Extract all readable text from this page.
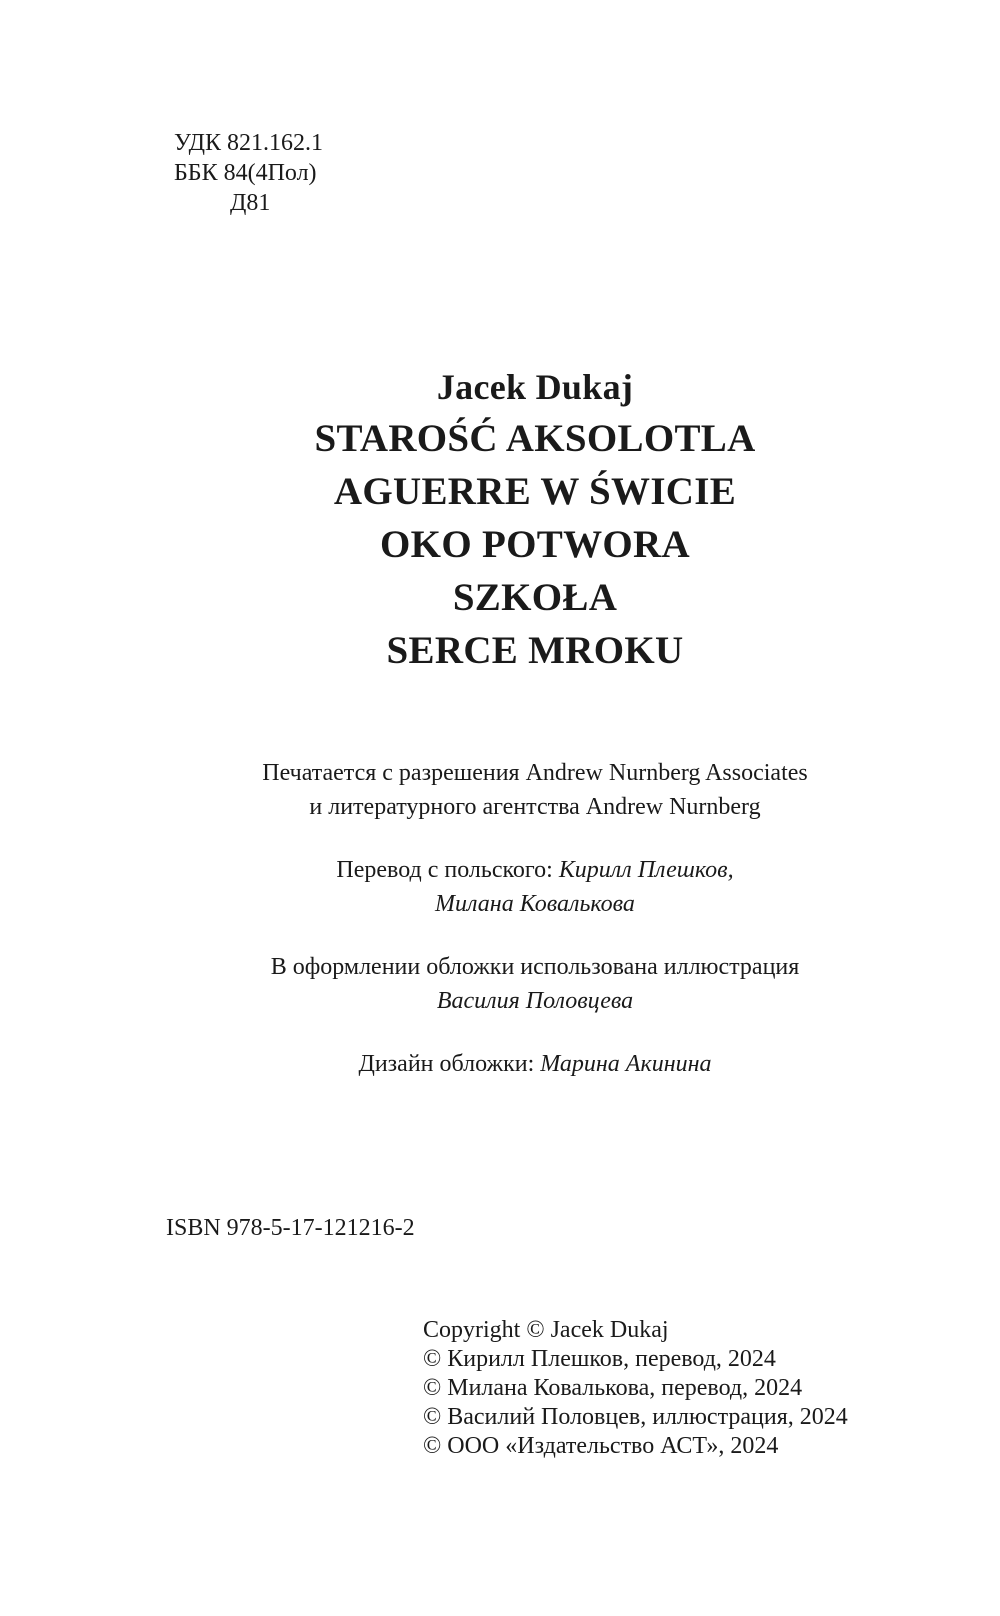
УДК 821.162.1
ББК 84(4Пол)
Д81
Jacek Dukaj
STAROŚĆ AKSOLOTLA
AGUERRE W ŚWICIE
OKO POTWORA
SZKOŁA
SERCE MROKU
Печатается с разрешения Andrew Nurnberg Associates
и литературного агентства Andrew Nurnberg
Перевод с польского: Кирилл Плешков,
Милана Ковалькова
В оформлении обложки использована иллюстрация
Василия Половцева
Дизайн обложки: Марина Акинина
ISBN 978-5-17-121216-2
Copyright © Jacek Dukaj
© Кирилл Плешков, перевод, 2024
© Милана Ковалькова, перевод, 2024
© Василий Половцев, иллюстрация, 2024
© ООО «Издательство АСТ», 2024
